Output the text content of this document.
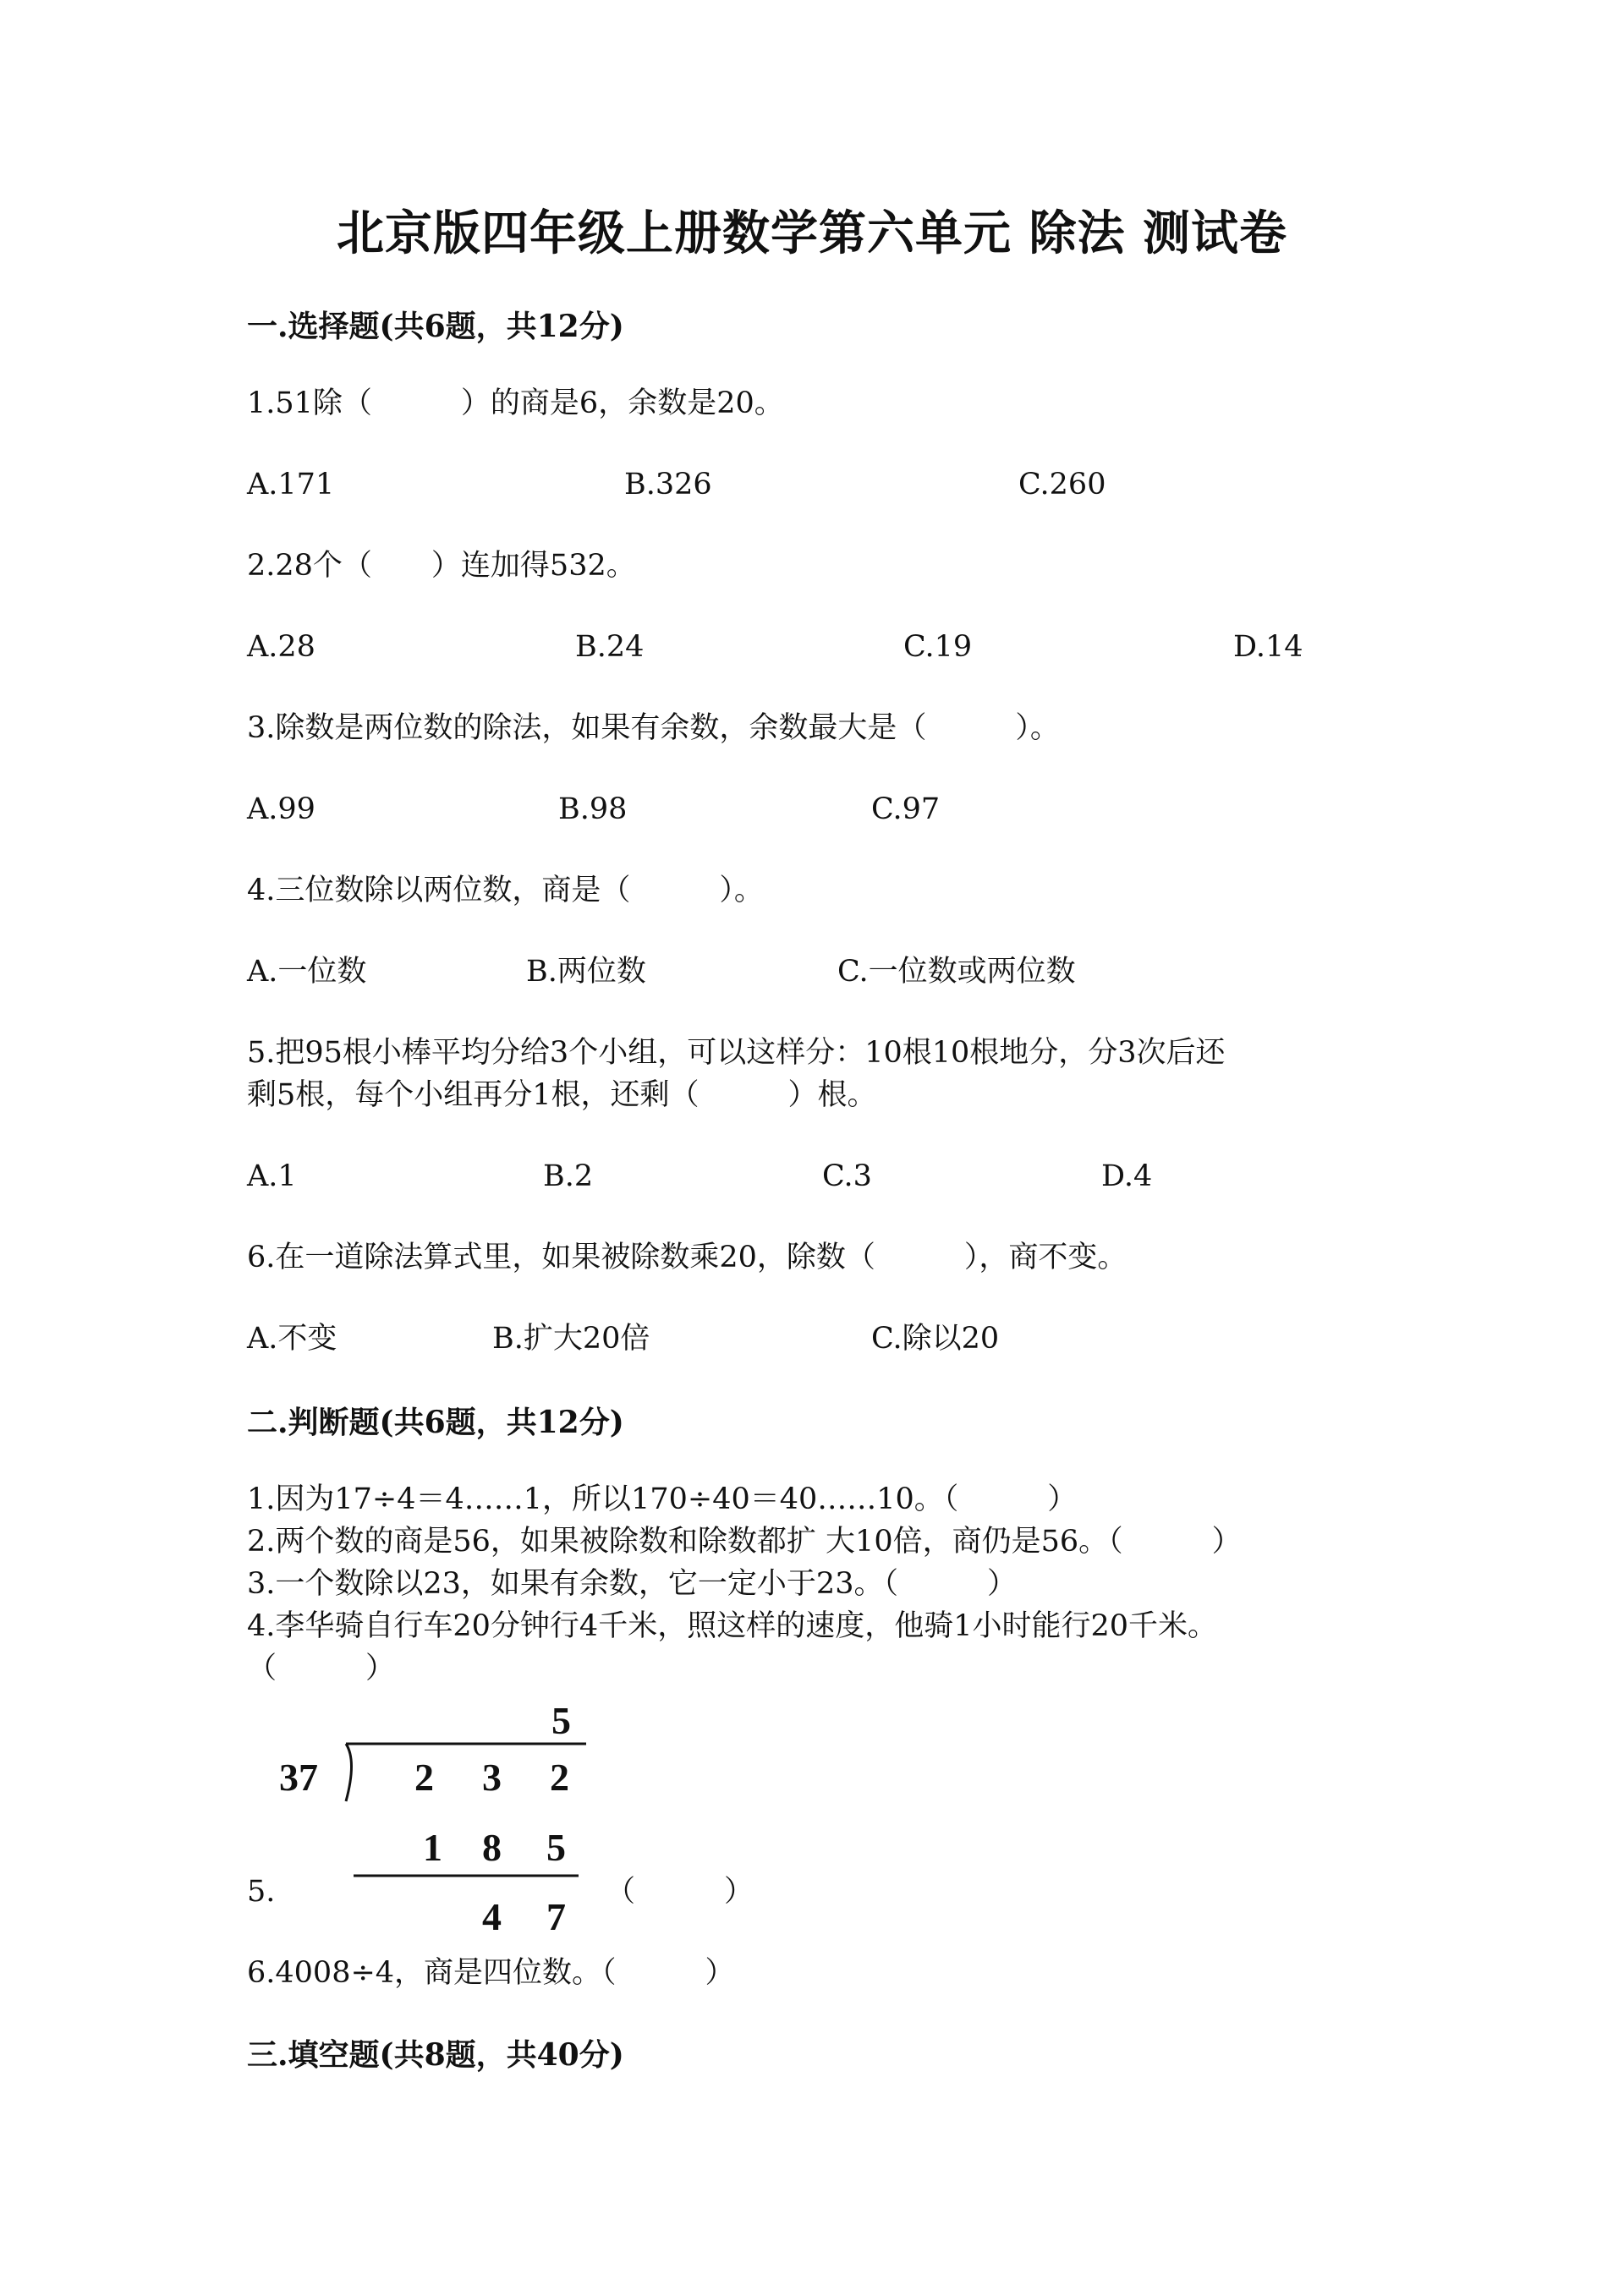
北京版四年级上册数学第六单元 除法 测试卷
一.选择题(共6题，共12分)
1.51除（　　　）的商是6，余数是20。
A.171	B.326	C.260
2.28个（　　）连加得532。
A.28	B.24	C.19	D.14
3.除数是两位数的除法，如果有余数，余数最大是（　　　）。
A.99	B.98	C.97
4.三位数除以两位数，商是（　　　）。
A.一位数	B.两位数	C.一位数或两位数
5.把95根小棒平均分给3个小组，可以这样分：10根10根地分，分3次后还
剩5根，每个小组再分1根，还剩（　　　）根。
A.1	B.2	C.3	D.4
6.在一道除法算式里，如果被除数乘20，除数（　　　），商不变。
A.不变	B.扩大20倍	C.除以20
二.判断题(共6题，共12分)
1.因为17÷4＝4……1，所以170÷40＝40……10。（　　　）
2.两个数的商是56，如果被除数和除数都扩 大10倍，商仍是56。（　　　）
3.一个数除以23，如果有余数，它一定小于23。（　　　）
4.李华骑自行车20分钟行4千米，照这样的速度，他骑1小时能行20千米。
（　　　）
5.
5
37 2 3 2
1 8 5
4 7
（　　　）
6.4008÷4，商是四位数。（　　　）
三.填空题(共8题，共40分)
